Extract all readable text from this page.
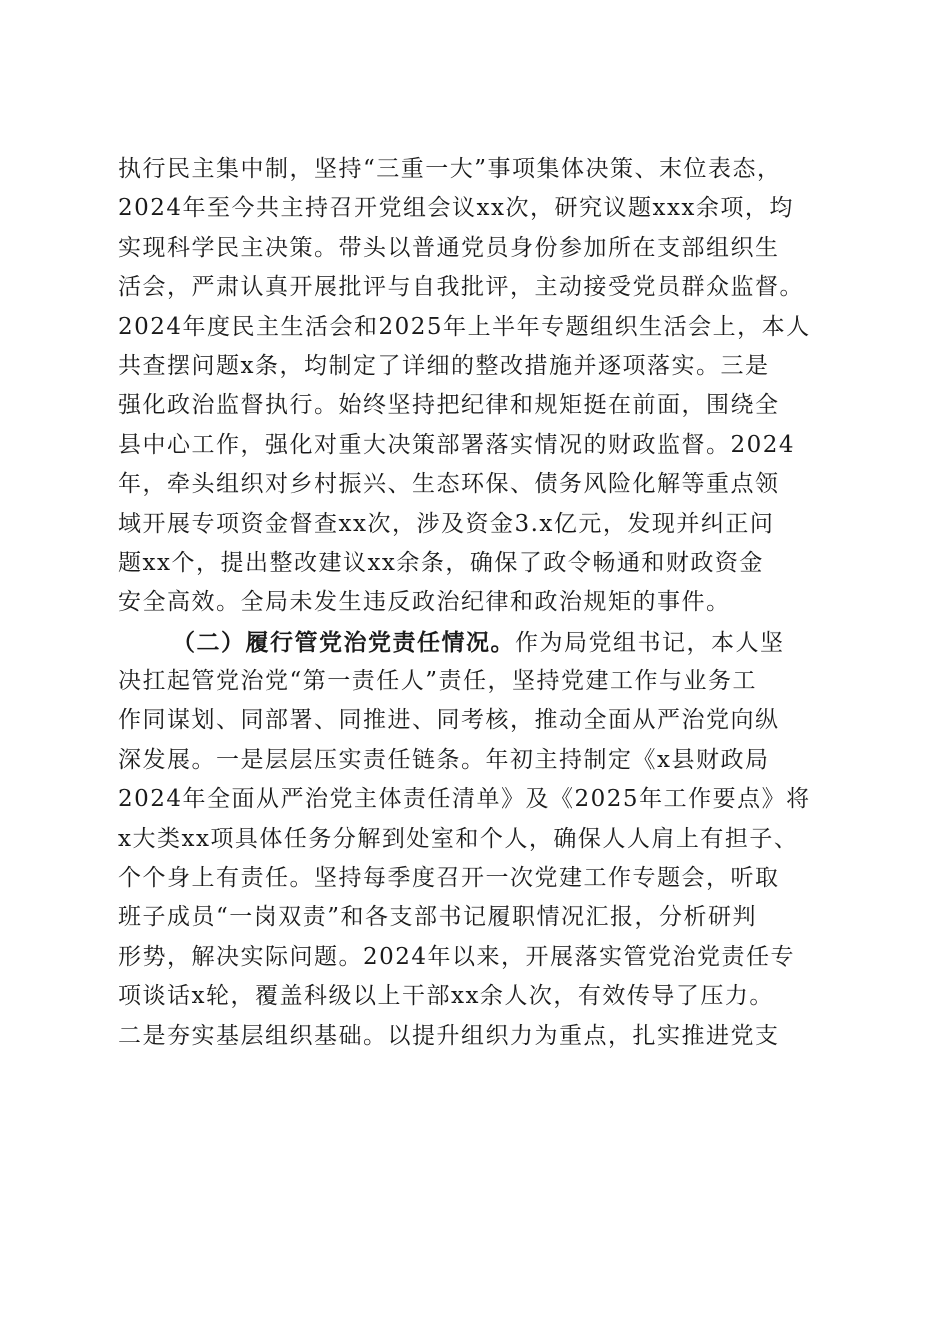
执行民主集中制，坚持“三重一大”事项集体决策、末位表态，
2024年至今共主持召开党组会议xx次，研究议题xxx余项，均
实现科学民主决策。带头以普通党员身份参加所在支部组织生
活会，严肃认真开展批评与自我批评，主动接受党员群众监督。
2024年度民主生活会和2025年上半年专题组织生活会上，本人
共查摆问题x条，均制定了详细的整改措施并逐项落实。三是
强化政治监督执行。始终坚持把纪律和规矩挺在前面，围绕全
县中心工作，强化对重大决策部署落实情况的财政监督。2024
年，牵头组织对乡村振兴、生态环保、债务风险化解等重点领
域开展专项资金督查xx次，涉及资金3.x亿元，发现并纠正问
题xx个，提出整改建议xx余条，确保了政令畅通和财政资金
安全高效。全局未发生违反政治纪律和政治规矩的事件。
（二）履行管党治党责任情况。作为局党组书记，本人坚
决扛起管党治党“第一责任人”责任，坚持党建工作与业务工
作同谋划、同部署、同推进、同考核，推动全面从严治党向纵
深发展。一是层层压实责任链条。年初主持制定《x县财政局
2024年全面从严治党主体责任清单》及《2025年工作要点》将
x大类xx项具体任务分解到处室和个人，确保人人肩上有担子、
个个身上有责任。坚持每季度召开一次党建工作专题会，听取
班子成员“一岗双责”和各支部书记履职情况汇报，分析研判
形势，解决实际问题。2024年以来，开展落实管党治党责任专
项谈话x轮，覆盖科级以上干部xx余人次，有效传导了压力。
二是夯实基层组织基础。以提升组织力为重点，扎实推进党支
